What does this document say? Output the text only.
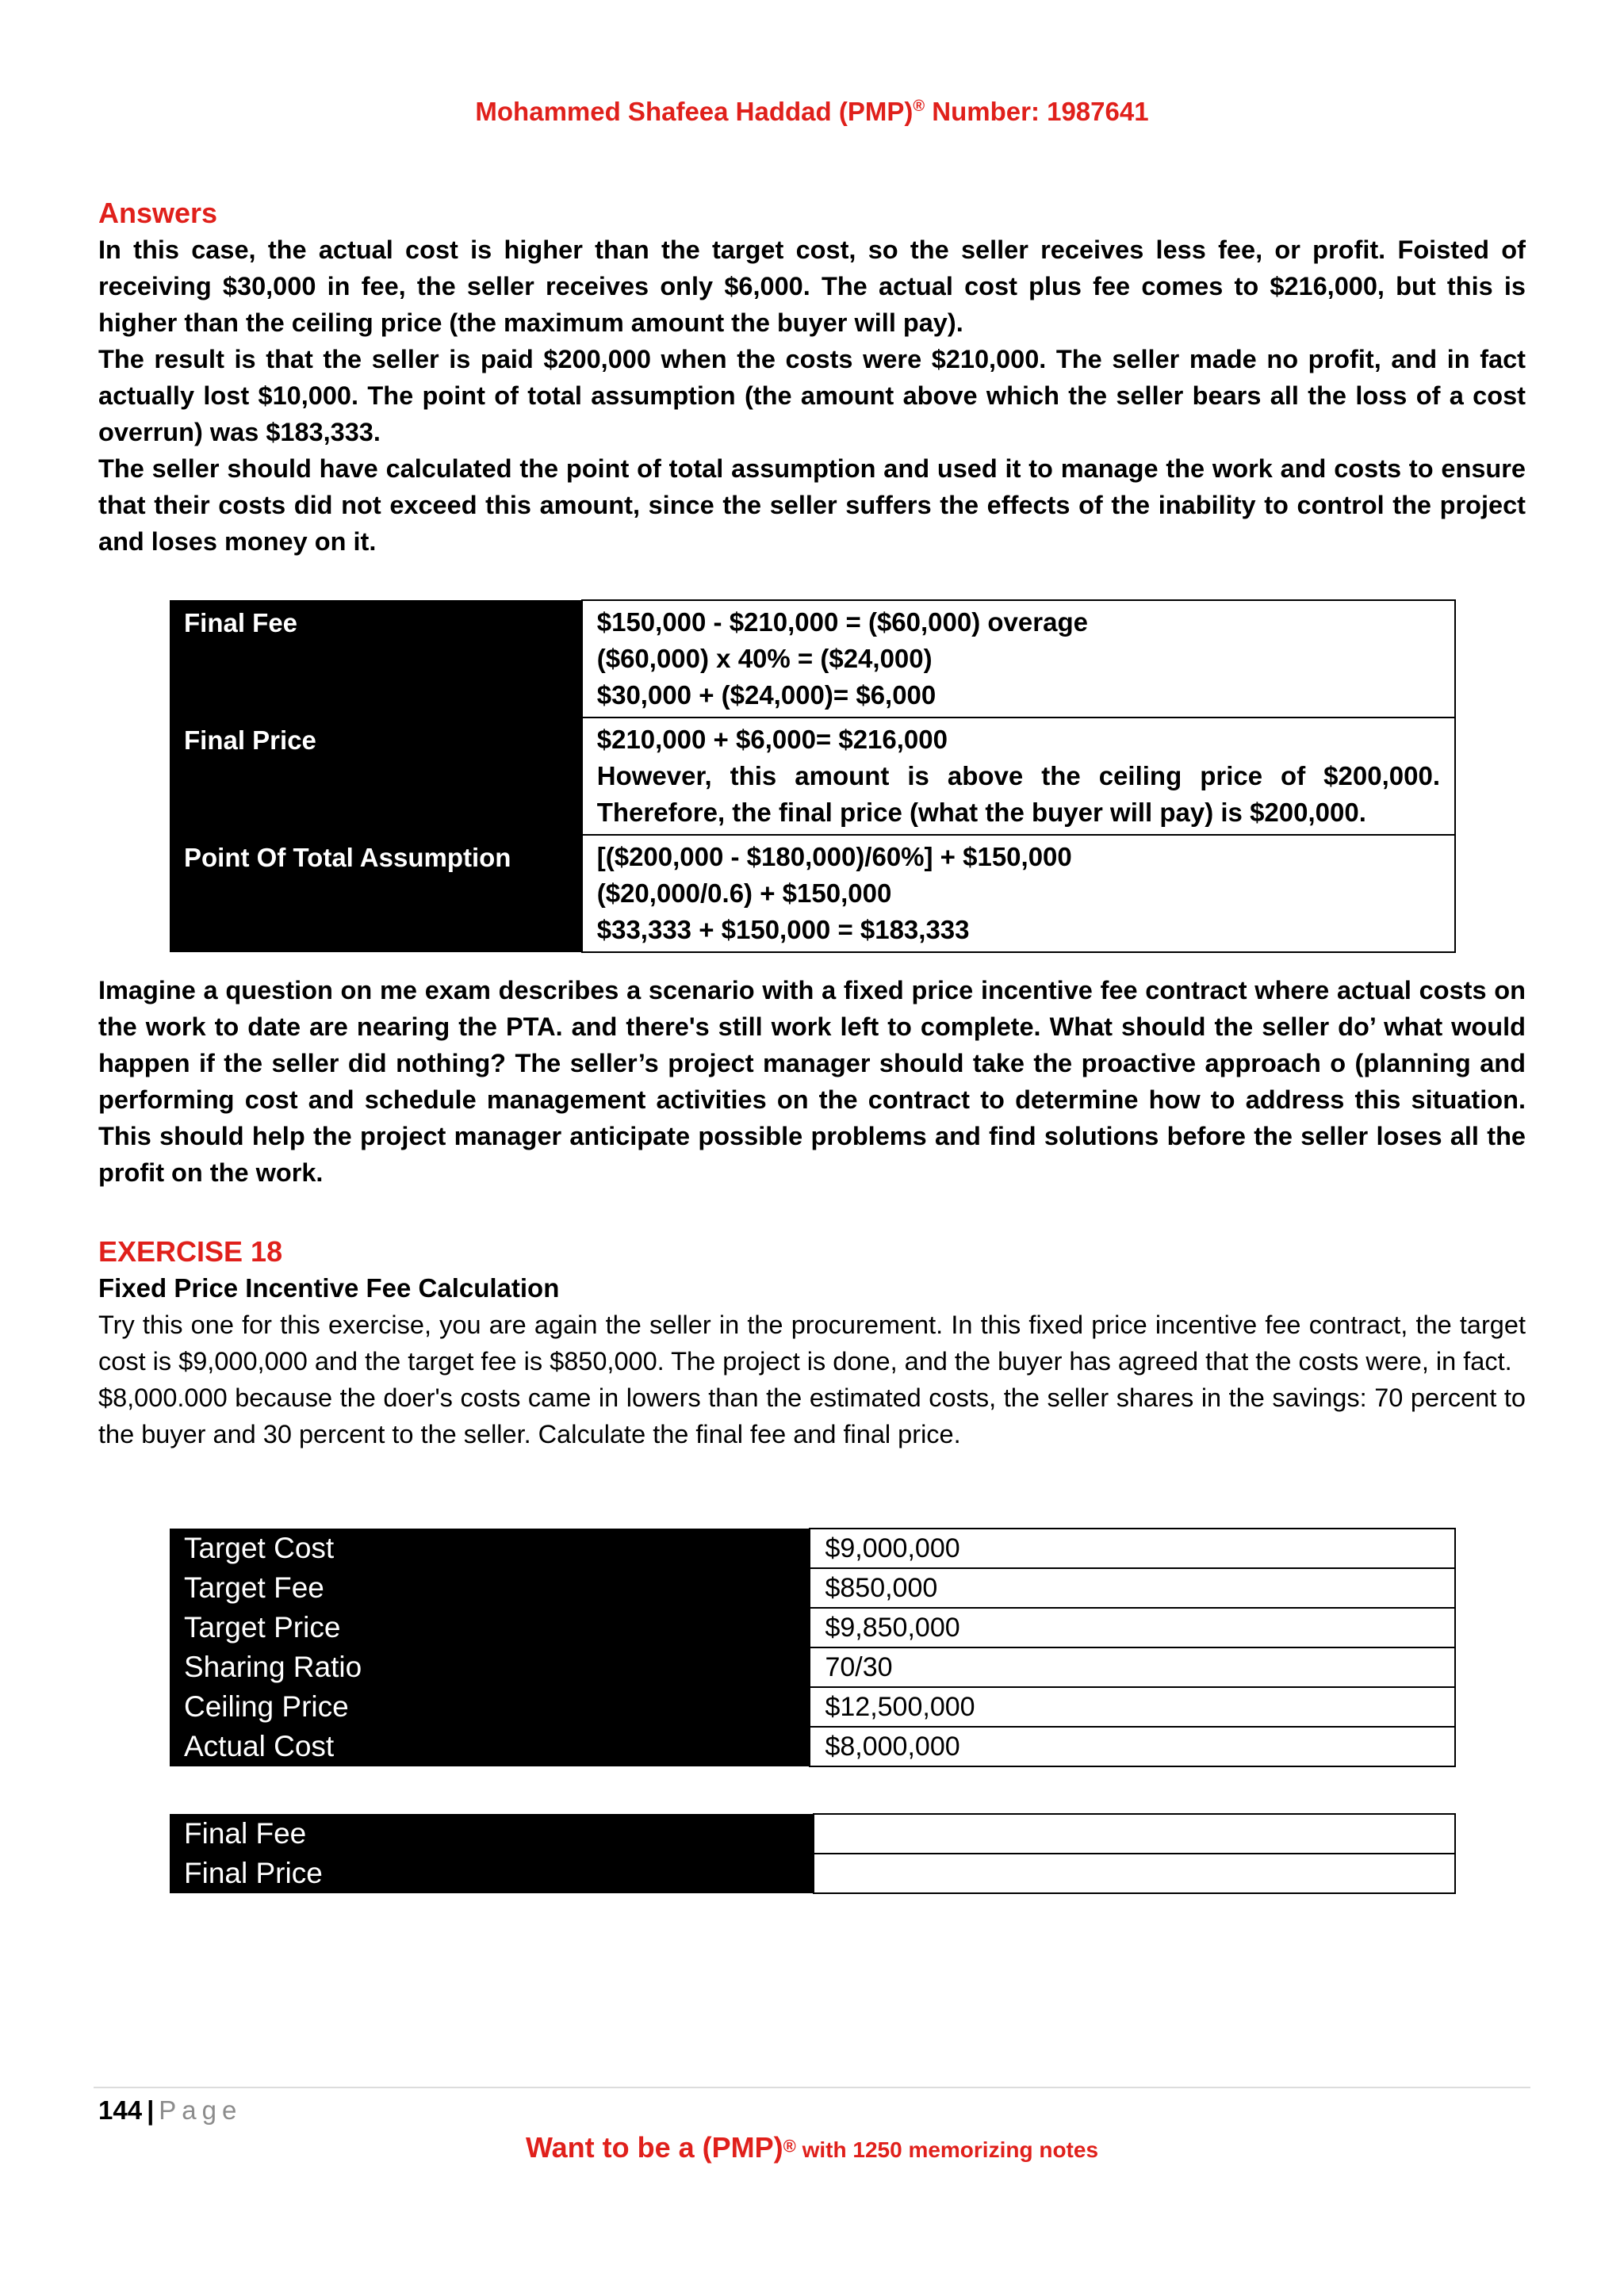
Mohammed Shafeea Haddad (PMP)® Number: 1987641
Answers

In this case, the actual cost is higher than the target cost, so the seller receives less fee, or profit. Foisted of receiving $30,000 in fee, the seller receives only $6,000. The actual cost plus fee comes to $216,000, but this is higher than the ceiling price (the maximum amount the buyer will pay).

The result is that the seller is paid $200,000 when the costs were $210,000. The seller made no profit, and in fact actually lost $10,000. The point of total assumption (the amount above which the seller bears all the loss of a cost overrun) was $183,333.

The seller should have calculated the point of total assumption and used it to manage the work and costs to ensure that their costs did not exceed this amount, since the seller suffers the effects of the inability to control the project and loses money on it.

Final Fee	$150,000 - $210,000 = ($60,000) overage
($60,000) x 40% = ($24,000)
$30,000 + ($24,000)= $6,000

Final Price	$210,000 + $6,000= $216,000
However, this amount is above the ceiling price of $200,000. Therefore, the final price (what the buyer will pay) is $200,000.

Point Of Total Assumption	[($200,000 - $180,000)/60%] + $150,000
($20,000/0.6) + $150,000
$33,333 + $150,000 = $183,333

Imagine a question on me exam describes a scenario with a fixed price incentive fee contract where actual costs on the work to date are nearing the PTA. and there's still work left to complete. What should the seller do’ what would happen if the seller did nothing? The seller’s project manager should take the proactive approach o (planning and performing cost and schedule management activities on the contract to determine how to address this situation. This should help the project manager anticipate possible problems and find solutions before the seller loses all the profit on the work.

EXERCISE 18
Fixed Price Incentive Fee Calculation

Try this one for this exercise, you are again the seller in the procurement. In this fixed price incentive fee contract, the target cost is $9,000,000 and the target fee is $850,000. The project is done, and the buyer has agreed that the costs were, in fact.

$8,000.000 because the doer's costs came in lowers than the estimated costs, the seller shares in the savings: 70 percent to the buyer and 30 percent to the seller. Calculate the final fee and final price.

Target Cost	$9,000,000
Target Fee	$850,000
Target Price	$9,850,000
Sharing Ratio	70/30
Ceiling Price	$12,500,000
Actual Cost	$8,000,000
Final Fee	
Final Price	
144 | Page
Want to be a (PMP)® with 1250 memorizing notes
